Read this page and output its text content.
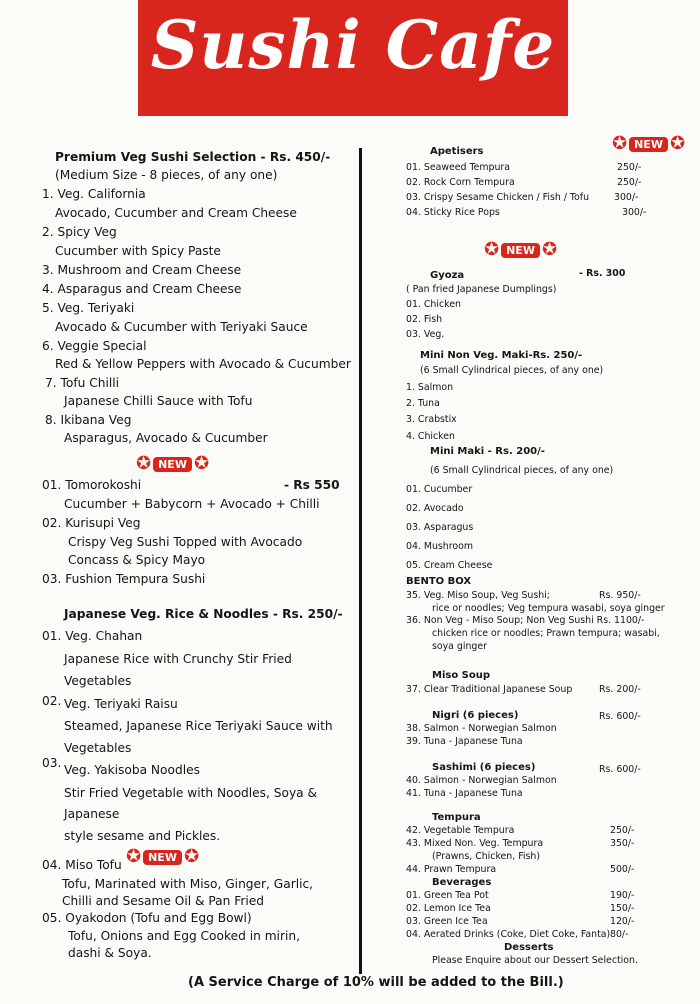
Sushi Cafe
Premium Veg Sushi Selection - Rs. 450/-
(Medium Size - 8 pieces, of any one)
1. Veg. California
Avocado, Cucumber and Cream Cheese
2. Spicy Veg
Cucumber with Spicy Paste
3. Mushroom and Cream Cheese
4. Asparagus and Cream Cheese
5. Veg. Teriyaki
Avocado & Cucumber with Teriyaki Sauce
6. Veggie Special
Red & Yellow Peppers with Avocado & Cucumber
7. Tofu Chilli
Japanese Chilli Sauce with Tofu
8. Ikibana Veg
Asparagus, Avocado & Cucumber
01. Tomorokoshi	- Rs 550
Cucumber + Babycorn + Avocado + Chilli
02. Kurisupi Veg
Crispy Veg Sushi Topped with Avocado
Concass & Spicy Mayo
03. Fushion Tempura Sushi
Japanese Veg. Rice & Noodles - Rs. 250/-
01. Veg. Chahan
Japanese Rice with Crunchy Stir Fried
Vegetables
02. Veg. Teriyaki Raisu
Steamed, Japanese Rice Teriyaki Sauce with
Vegetables
03. Veg. Yakisoba Noodles
Stir Fried Vegetable with Noodles, Soya &
Japanese
style sesame and Pickles.
04. Miso Tofu
Tofu, Marinated with Miso, Ginger, Garlic,
Chilli and Sesame Oil & Pan Fried
05. Oyakodon (Tofu and Egg Bowl)
Tofu, Onions and Egg Cooked in mirin,
dashi & Soya.
Apetisers
01. Seaweed Tempura	250/-
02. Rock Corn Tempura	250/-
03. Crispy Sesame Chicken / Fish / Tofu	300/-
04. Sticky Rice Pops	300/-
Gyoza	- Rs. 300
( Pan fried Japanese Dumplings)
01. Chicken
02. Fish
03. Veg.
Mini Non Veg. Maki-Rs. 250/-
(6 Small Cylindrical pieces, of any one)
1. Salmon
2. Tuna
3. Crabstix
4. Chicken
Mini Maki - Rs. 200/-
(6 Small Cylindrical pieces, of any one)
01. Cucumber
02. Avocado
03. Asparagus
04. Mushroom
05. Cream Cheese
BENTO BOX
35. Veg. Miso Soup, Veg Sushi;	Rs. 950/-
rice or noodles; Veg tempura wasabi, soya ginger
36. Non Veg - Miso Soup; Non Veg Sushi Rs. 1100/-
chicken rice or noodles; Prawn tempura; wasabi,
soya ginger
Miso Soup
37. Clear Traditional Japanese Soup	Rs. 200/-
Nigri (6 pieces)	Rs. 600/-
38. Salmon - Norwegian Salmon
39. Tuna - Japanese Tuna
Sashimi (6 pieces)	Rs. 600/-
40. Salmon - Norwegian Salmon
41. Tuna - Japanese Tuna
Tempura
42. Vegetable Tempura	250/-
43. Mixed Non. Veg. Tempura	350/-
(Prawns, Chicken, Fish)
44. Prawn Tempura	500/-
Beverages
01. Green Tea Pot	190/-
02. Lemon Ice Tea	150/-
03. Green Ice Tea	120/-
04. Aerated Drinks (Coke, Diet Coke, Fanta) 80/-
Desserts
Please Enquire about our Dessert Selection.
✪ NEW ✪
✪ NEW ✪
✪ NEW ✪
✪ NEW ✪
(A Service Charge of 10% will be added to the Bill.)
